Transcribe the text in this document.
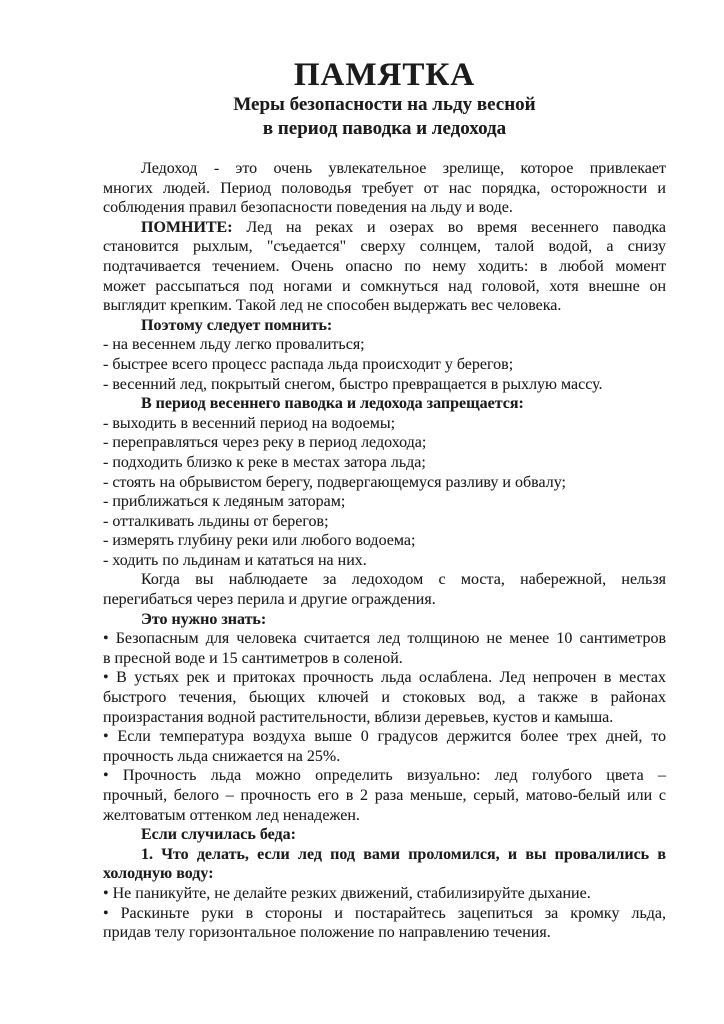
ПАМЯТКА
Меры безопасности на льду весной
в период паводка и ледохода
Ледоход - это очень увлекательное зрелище, которое привлекает
многих людей. Период половодья требует от нас порядка, осторожности и
соблюдения правил безопасности поведения на льду и воде.
ПОМНИТЕ: Лед на реках и озерах во время весеннего паводка
становится рыхлым, "съедается" сверху солнцем, талой водой, а снизу
подтачивается течением. Очень опасно по нему ходить: в любой момент
может рассыпаться под ногами и сомкнуться над головой, хотя внешне он
выглядит крепким. Такой лед не способен выдержать вес человека.
Поэтому следует помнить:
- на весеннем льду легко провалиться;
- быстрее всего процесс распада льда происходит у берегов;
- весенний лед, покрытый снегом, быстро превращается в рыхлую массу.
В период весеннего паводка и ледохода запрещается:
- выходить в весенний период на водоемы;
- переправляться через реку в период ледохода;
- подходить близко к реке в местах затора льда;
- стоять на обрывистом берегу, подвергающемуся разливу и обвалу;
- приближаться к ледяным заторам;
- отталкивать льдины от берегов;
- измерять глубину реки или любого водоема;
- ходить по льдинам и кататься на них.
Когда вы наблюдаете за ледоходом с моста, набережной, нельзя
перегибаться через перила и другие ограждения.
Это нужно знать:
• Безопасным для человека считается лед толщиною не менее 10 сантиметров
в пресной воде и 15 сантиметров в соленой.
• В устьях рек и притоках прочность льда ослаблена. Лед непрочен в местах
быстрого течения, бьющих ключей и стоковых вод, а также в районах
произрастания водной растительности, вблизи деревьев, кустов и камыша.
• Если температура воздуха выше 0 градусов держится более трех дней, то
прочность льда снижается на 25%.
• Прочность льда можно определить визуально: лед голубого цвета –
прочный, белого – прочность его в 2 раза меньше, серый, матово-белый или с
желтоватым оттенком лед ненадежен.
Если случилась беда:
1. Что делать, если лед под вами проломился, и вы провалились в
холодную воду:
• Не паникуйте, не делайте резких движений, стабилизируйте дыхание.
• Раскиньте руки в стороны и постарайтесь зацепиться за кромку льда,
придав телу горизонтальное положение по направлению течения.
